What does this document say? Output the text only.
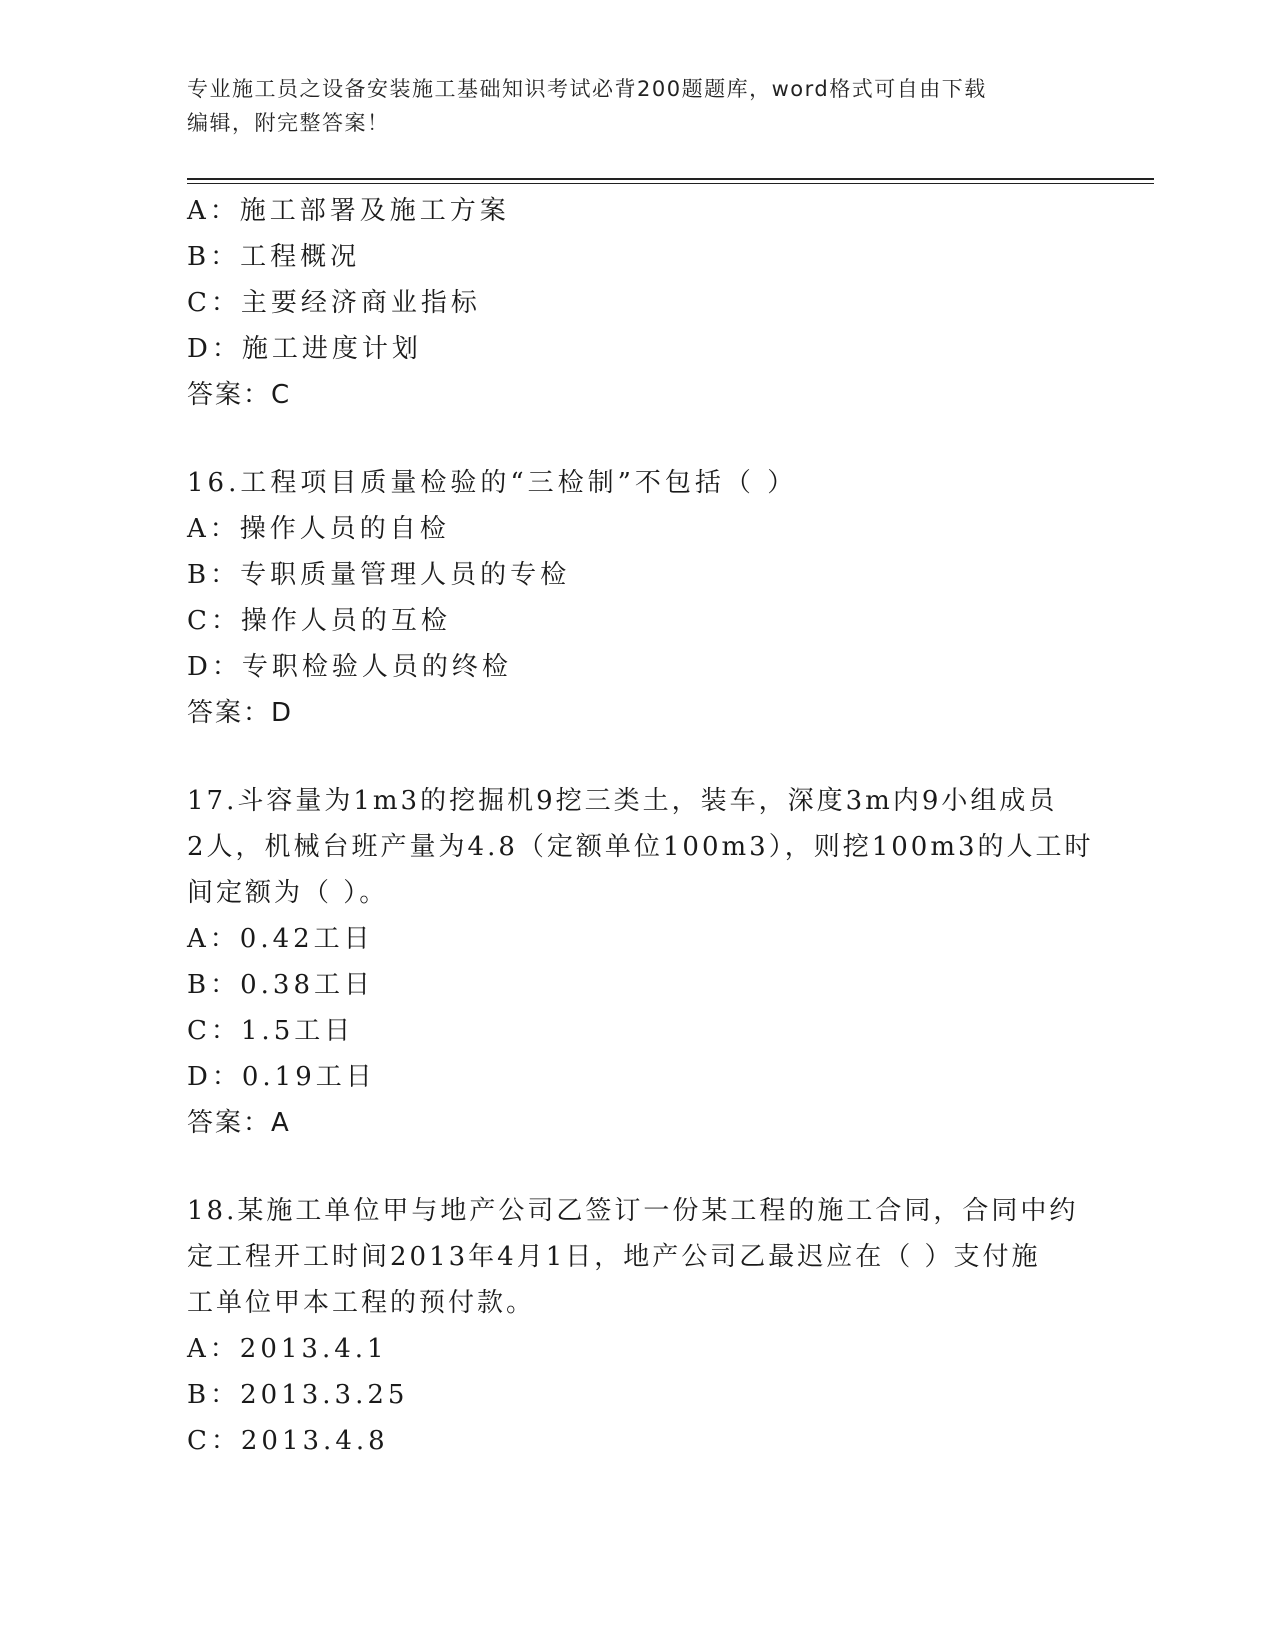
专业施工员之设备安装施工基础知识考试必背200题题库，word格式可自由下载
编辑，附完整答案！
A：施工部署及施工方案
B：工程概况
C：主要经济商业指标
D：施工进度计划
答案：C
16.工程项目质量检验的“三检制”不包括（ ）
A：操作人员的自检
B：专职质量管理人员的专检
C：操作人员的互检
D：专职检验人员的终检
答案：D
17.斗容量为1m3的挖掘机9挖三类土，装车，深度3m内9小组成员
2人，机械台班产量为4.8（定额单位100m3），则挖100m3的人工时
间定额为（ ）。
A：0.42工日
B：0.38工日
C：1.5工日
D：0.19工日
答案：A
18.某施工单位甲与地产公司乙签订一份某工程的施工合同，合同中约
定工程开工时间2013年4月1日，地产公司乙最迟应在（ ）支付施
工单位甲本工程的预付款。
A：2013.4.1
B：2013.3.25
C：2013.4.8
